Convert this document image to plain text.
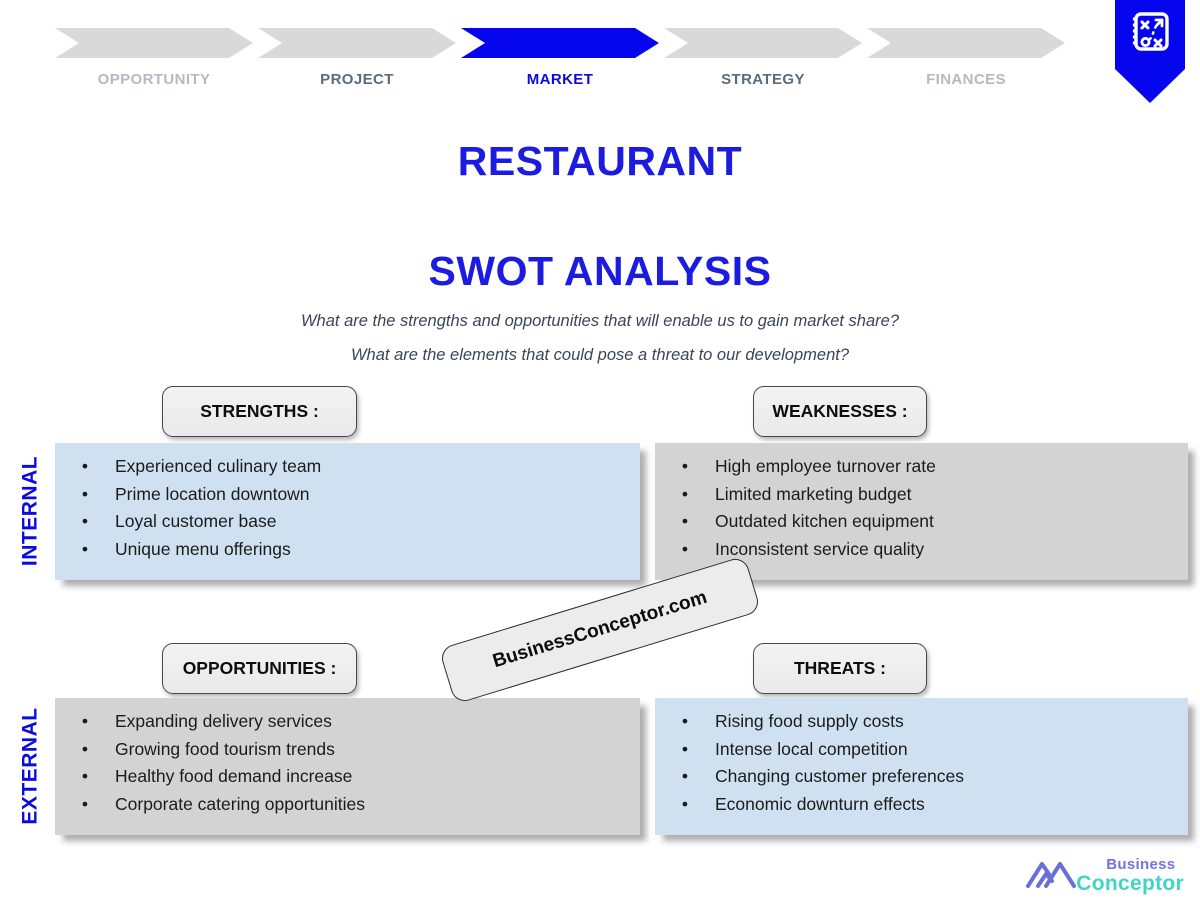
OPPORTUNITY	PROJECT	MARKET	STRATEGY	FINANCES
RESTAURANT
SWOT ANALYSIS
What are the strengths and opportunities that will enable us to gain market share?
What are the elements that could pose a threat to our development?
INTERNAL
EXTERNAL
STRENGTHS :	WEAKNESSES :
OPPORTUNITIES :	THREATS :
• Experienced culinary team
• Prime location downtown
• Loyal customer base
• Unique menu offerings
• High employee turnover rate
• Limited marketing budget
• Outdated kitchen equipment
• Inconsistent service quality
• Expanding delivery services
• Growing food tourism trends
• Healthy food demand increase
• Corporate catering opportunities
• Rising food supply costs
• Intense local competition
• Changing customer preferences
• Economic downturn effects
BusinessConceptor.com
Business
Conceptor
